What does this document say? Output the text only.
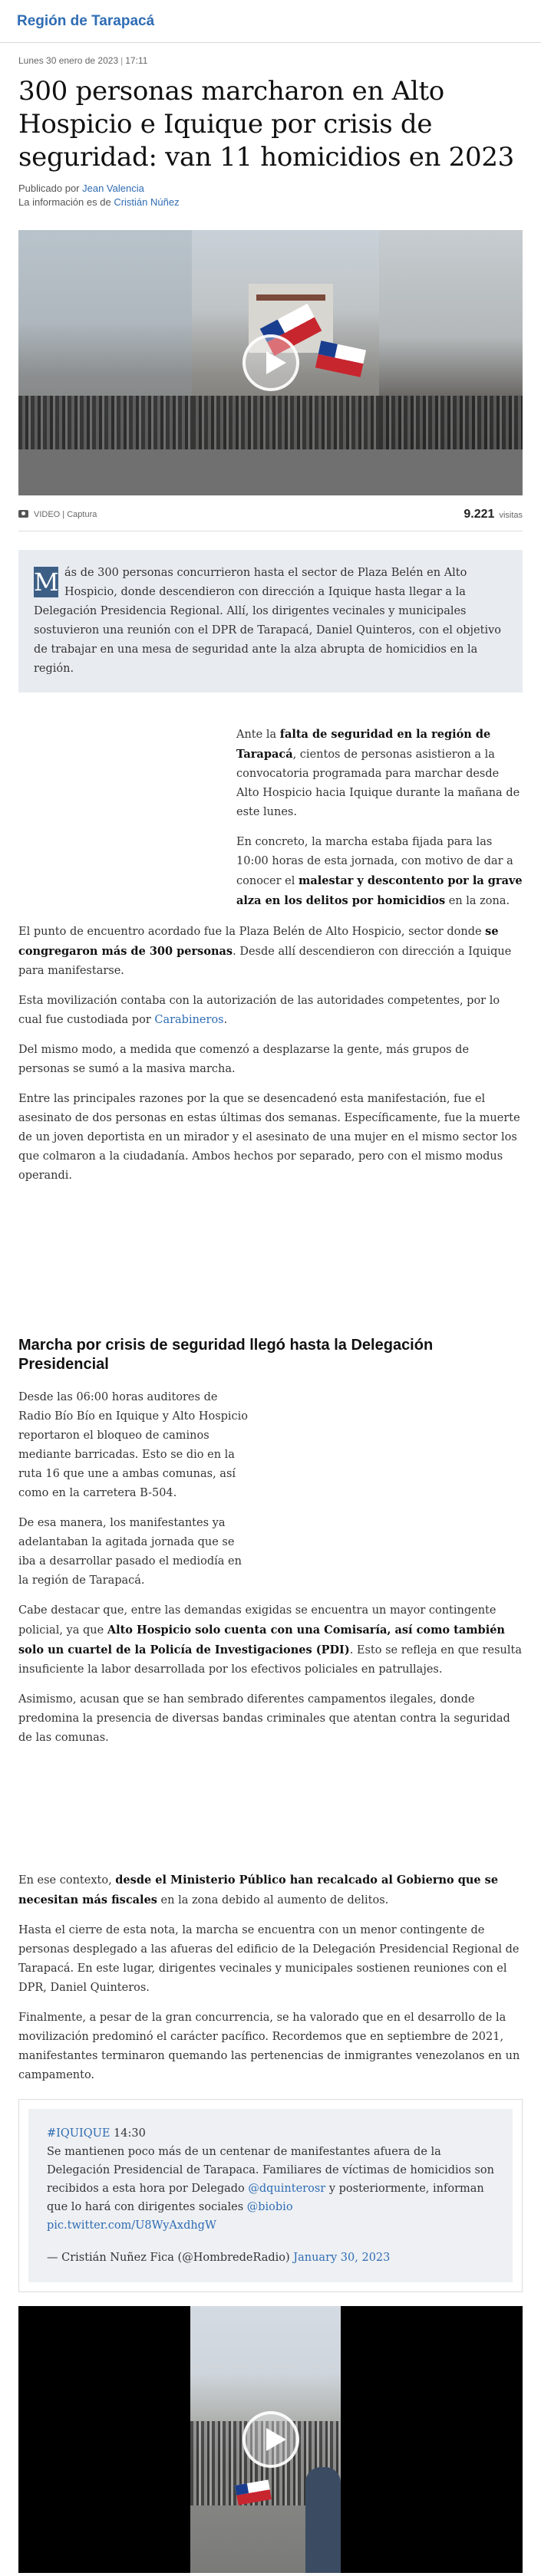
Región de Tarapacá
Lunes 30 enero de 2023 | 17:11
300 personas marcharon en Alto Hospicio e Iquique por crisis de seguridad: van 11 homicidios en 2023
Publicado por Jean Valencia
La información es de Cristián Núñez
VIDEO | Captura	9.221 visitas
M ás de 300 personas concurrieron hasta el sector de Plaza Belén en Alto Hospicio, donde descendieron con dirección a Iquique hasta llegar a la Delegación Presidencia Regional. Allí, los dirigentes vecinales y municipales sostuvieron una reunión con el DPR de Tarapacá, Daniel Quinteros, con el objetivo de trabajar en una mesa de seguridad ante la alza abrupta de homicidios en la región.

Ante la falta de seguridad en la región de Tarapacá, cientos de personas asistieron a la convocatoria programada para marchar desde Alto Hospicio hacia Iquique durante la mañana de este lunes.

En concreto, la marcha estaba fijada para las 10:00 horas de esta jornada, con motivo de dar a conocer el malestar y descontento por la grave alza en los delitos por homicidios en la zona.

El punto de encuentro acordado fue la Plaza Belén de Alto Hospicio, sector donde se congregaron más de 300 personas. Desde allí descendieron con dirección a Iquique para manifestarse.

Esta movilización contaba con la autorización de las autoridades competentes, por lo cual fue custodiada por Carabineros.

Del mismo modo, a medida que comenzó a desplazarse la gente, más grupos de personas se sumó a la masiva marcha.

Entre las principales razones por la que se desencadenó esta manifestación, fue el asesinato de dos personas en estas últimas dos semanas. Específicamente, fue la muerte de un joven deportista en un mirador y el asesinato de una mujer en el mismo sector los que colmaron a la ciudadanía. Ambos hechos por separado, pero con el mismo modus operandi.

Marcha por crisis de seguridad llegó hasta la Delegación Presidencial

Desde las 06:00 horas auditores de Radio Bío Bío en Iquique y Alto Hospicio reportaron el bloqueo de caminos mediante barricadas. Esto se dio en la ruta 16 que une a ambas comunas, así como en la carretera B-504.

De esa manera, los manifestantes ya adelantaban la agitada jornada que se iba a desarrollar pasado el mediodía en la región de Tarapacá.

Cabe destacar que, entre las demandas exigidas se encuentra un mayor contingente policial, ya que Alto Hospicio solo cuenta con una Comisaría, así como también solo un cuartel de la Policía de Investigaciones (PDI). Esto se refleja en que resulta insuficiente la labor desarrollada por los efectivos policiales en patrullajes.

Asimismo, acusan que se han sembrado diferentes campamentos ilegales, donde predomina la presencia de diversas bandas criminales que atentan contra la seguridad de las comunas.

En ese contexto, desde el Ministerio Público han recalcado al Gobierno que se necesitan más fiscales en la zona debido al aumento de delitos.

Hasta el cierre de esta nota, la marcha se encuentra con un menor contingente de personas desplegado a las afueras del edificio de la Delegación Presidencial Regional de Tarapacá. En este lugar, dirigentes vecinales y municipales sostienen reuniones con el DPR, Daniel Quinteros.

Finalmente, a pesar de la gran concurrencia, se ha valorado que en el desarrollo de la movilización predominó el carácter pacífico. Recordemos que en septiembre de 2021, manifestantes terminaron quemando las pertenencias de inmigrantes venezolanos en un campamento.

#IQUIQUE 14:30
Se mantienen poco más de un centenar de manifestantes afuera de la Delegación Presidencial de Tarapaca. Familiares de víctimas de homicidios son recibidos a esta hora por Delegado @dquinterosr y posteriormente, informan que lo hará con dirigentes sociales @biobio
pic.twitter.com/U8WyAxdhgW
— Cristián Nuñez Fica (@HombredeRadio) January 30, 2023
